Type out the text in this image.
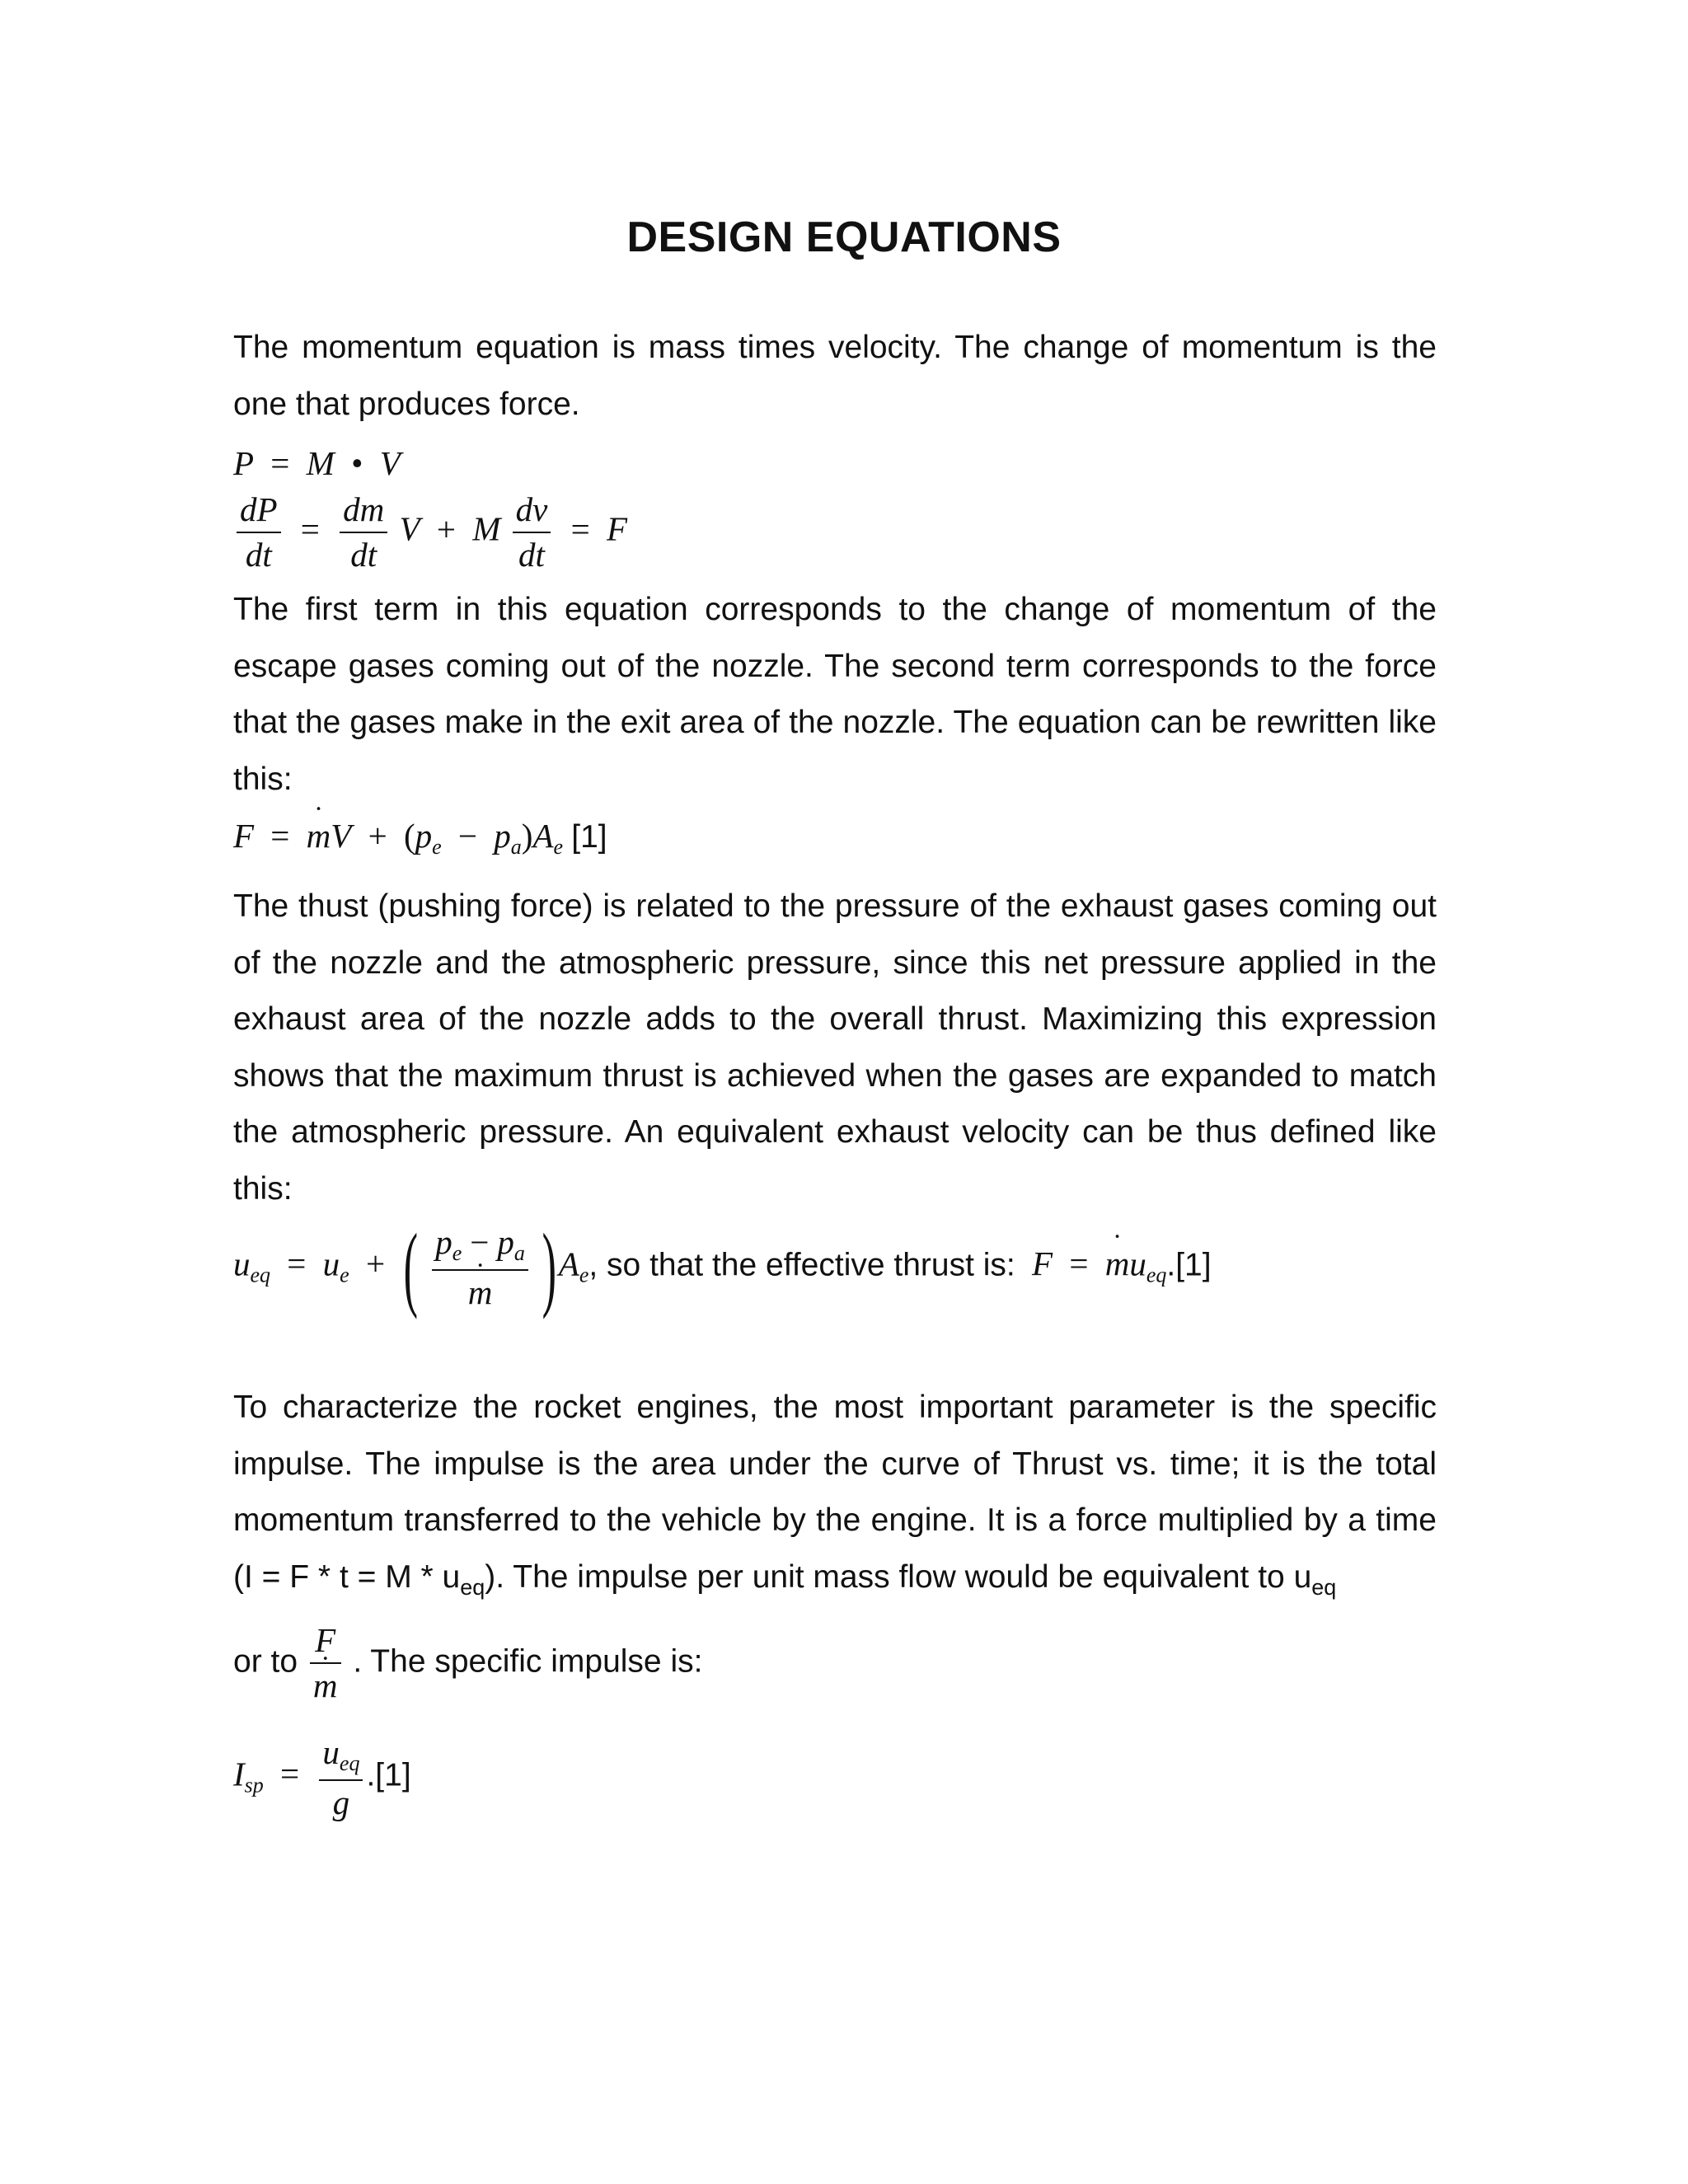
DESIGN EQUATIONS

The momentum equation is mass times velocity. The change of momentum is the one that produces force.

P = M • V
$\frac{dP}{dt} = \frac{dm}{dt}$ V + M $\frac{dv}{dt} = F$

The first term in this equation corresponds to the change of momentum of the escape gases coming out of the nozzle. The second term corresponds to the force that the gases make in the exit area of the nozzle. The equation can be rewritten like this:

F = ˙ mV + $(p_e - p_a)A_e$ [1]

The thust (pushing force) is related to the pressure of the exhaust gases coming out of the nozzle and the atmospheric pressure, since this net pressure applied in the exhaust area of the nozzle adds to the overall thrust. Maximizing this expression shows that the maximum thrust is achieved when the gases are expanded to match the atmospheric pressure. An equivalent exhaust velocity can be thus defined like this:

$u_{eq} = u_e$ + ( $p_e - p_a$
˙ m )$A_e$, so that the effective thrust is: F = ˙ $mu_{eq}.[1]$

To characterize the rocket engines, the most important parameter is the specific impulse. The impulse is the area under the curve of Thrust vs. time; it is the total momentum transferred to the vehicle by the engine. It is a force multiplied by a time $(I = F * t = M * u_{eq})$. The impulse per unit mass flow would be equivalent to $u_{eq}$

or to F
˙ m . The specific impulse is:
$I_{sp} = \frac{u_{eq}}{g} .[1]$
